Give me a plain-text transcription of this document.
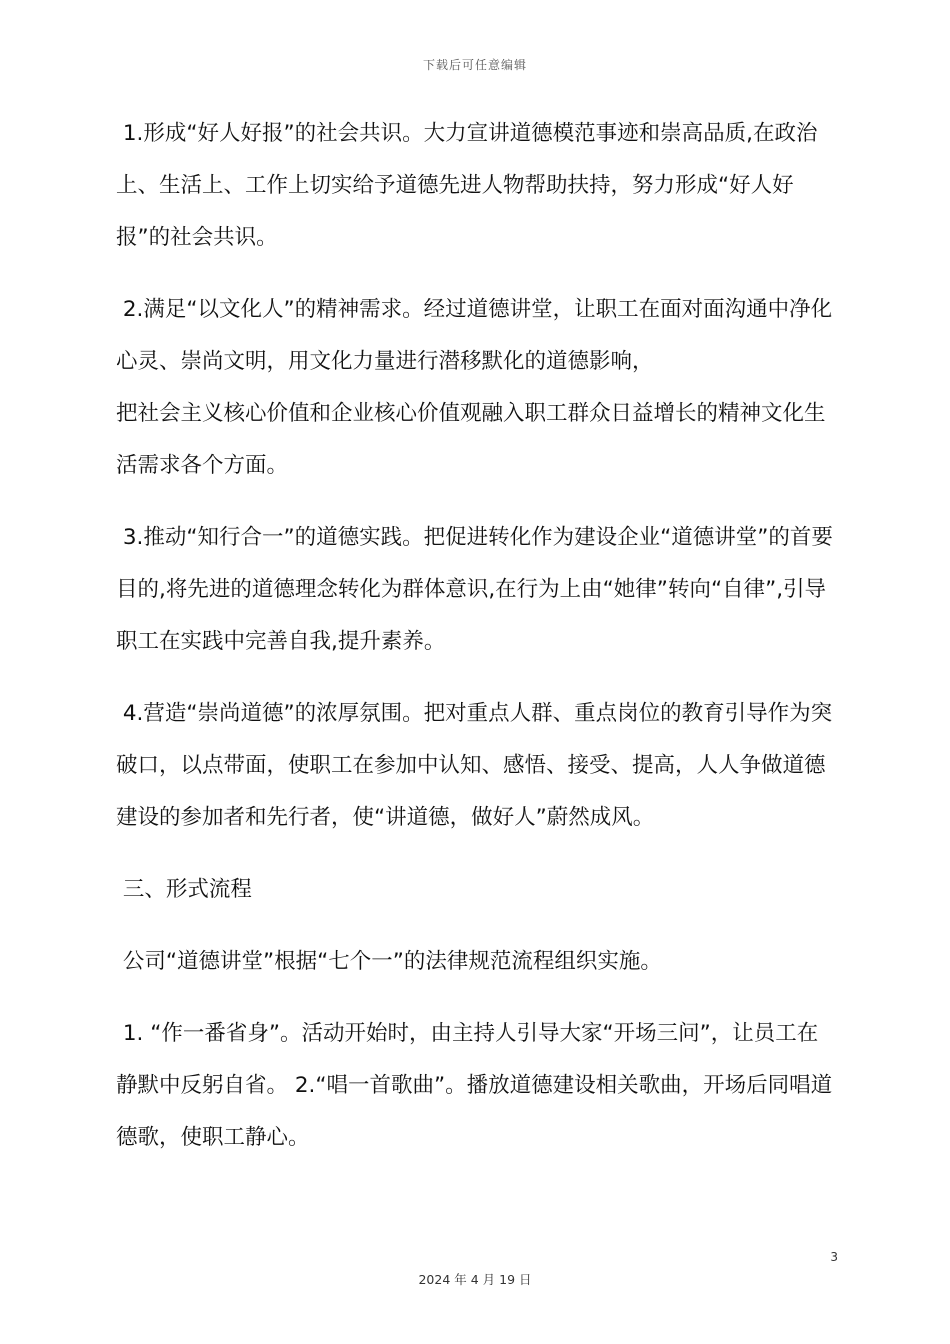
下载后可任意编辑

1.形成“好人好报”的社会共识。大力宣讲道德模范事迹和崇高品质,在政治上、生活上、工作上切实给予道德先进人物帮助扶持，努力形成“好人好报”的社会共识。

2.满足“以文化人”的精神需求。经过道德讲堂，让职工在面对面沟通中净化心灵、崇尚文明，用文化力量进行潜移默化的道德影响，

把社会主义核心价值和企业核心价值观融入职工群众日益增长的精神文化生活需求各个方面。

3.推动“知行合一”的道德实践。把促进转化作为建设企业“道德讲堂”的首要目的,将先进的道德理念转化为群体意识,在行为上由“她律”转向“自律”,引导职工在实践中完善自我,提升素养。

4.营造“崇尚道德”的浓厚氛围。把对重点人群、重点岗位的教育引导作为突破口，以点带面，使职工在参加中认知、感悟、接受、提高，人人争做道德建设的参加者和先行者，使“讲道德，做好人”蔚然成风。

三、形式流程

公司“道德讲堂”根据“七个一”的法律规范流程组织实施。

1. “作一番省身”。活动开始时，由主持人引导大家“开场三问”，让员工在静默中反躬自省。 2.“唱一首歌曲”。播放道德建设相关歌曲，开场后同唱道德歌，使职工静心。

3
2024 年 4 月 19 日
